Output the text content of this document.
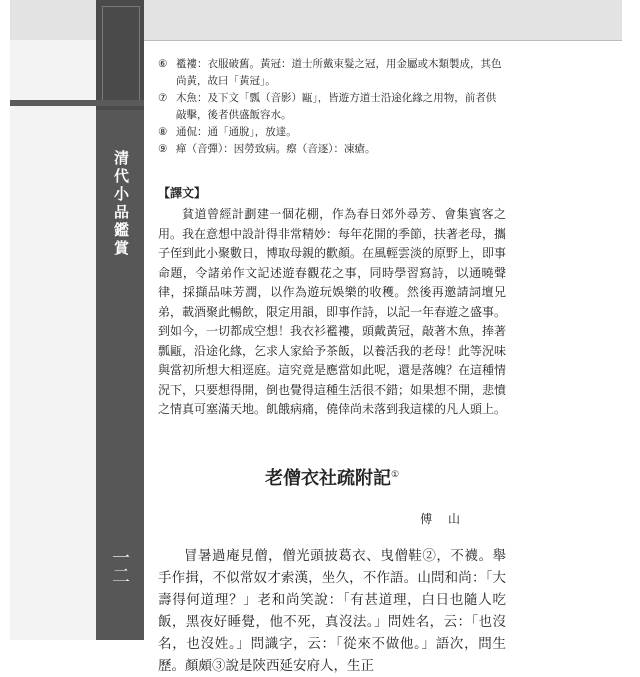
清代小品鑑賞
一二
⑥ 襤褸：衣服破舊。黃冠：道士所戴束髮之冠，用金屬或木類製成，其色尚黃，故曰「黃冠」。
⑦ 木魚：及下文「瓢（音影）甌」，皆遊方道士沿途化緣之用物，前者供敲擊，後者供盛飯容水。
⑧ 通侃：通「通脫」，放達。
⑨ 瘅（音彈）：因勞致病。瘵（音逐）：凍瘡。
【譯文】
貧道曾經計劃建一個花棚，作為春日郊外尋芳、會集賓客之用。我在意想中設計得非常精妙：每年花開的季節，扶著老母，攜子侄到此小聚數日，博取母親的歡顏。在風輕雲淡的原野上，即事命題，令諸弟作文記述遊春觀花之事，同時學習寫詩，以通曉聲律，採擷品味芳潤，以作為遊玩娛樂的收穫。然後再邀請詞壇兄弟，載酒聚此暢飲，限定用韻，即事作詩，以記一年春遊之盛事。到如今，一切都成空想！我衣衫襤褸，頭戴黃冠，敲著木魚，捧著瓢甌，沿途化緣，乞求人家給予茶飯，以養活我的老母！此等況味與當初所想大相逕庭。這究竟是應當如此呢，還是落魄？在這種情況下，只要想得開，倒也覺得這種生活很不錯；如果想不開，悲憤之情真可塞滿天地。飢餓病痛，僥倖尚未落到我這樣的凡人頭上。
老僧衣社疏附記①
傅 山
冒暑過庵見僧，僧光頭披葛衣、曳僧鞋②，不襪。舉手作揖，不似常奴才索漢，坐久，不作語。山問和尚：「大壽得何道理？」老和尚笑說：「有甚道理，白日也隨人吃飯，黑夜好睡覺，他不死，真沒法。」問姓名，云：「也沒名，也沒姓。」問識字，云：「從來不做他。」語次，問生歷。顏頗③說是陝西延安府人，生正
